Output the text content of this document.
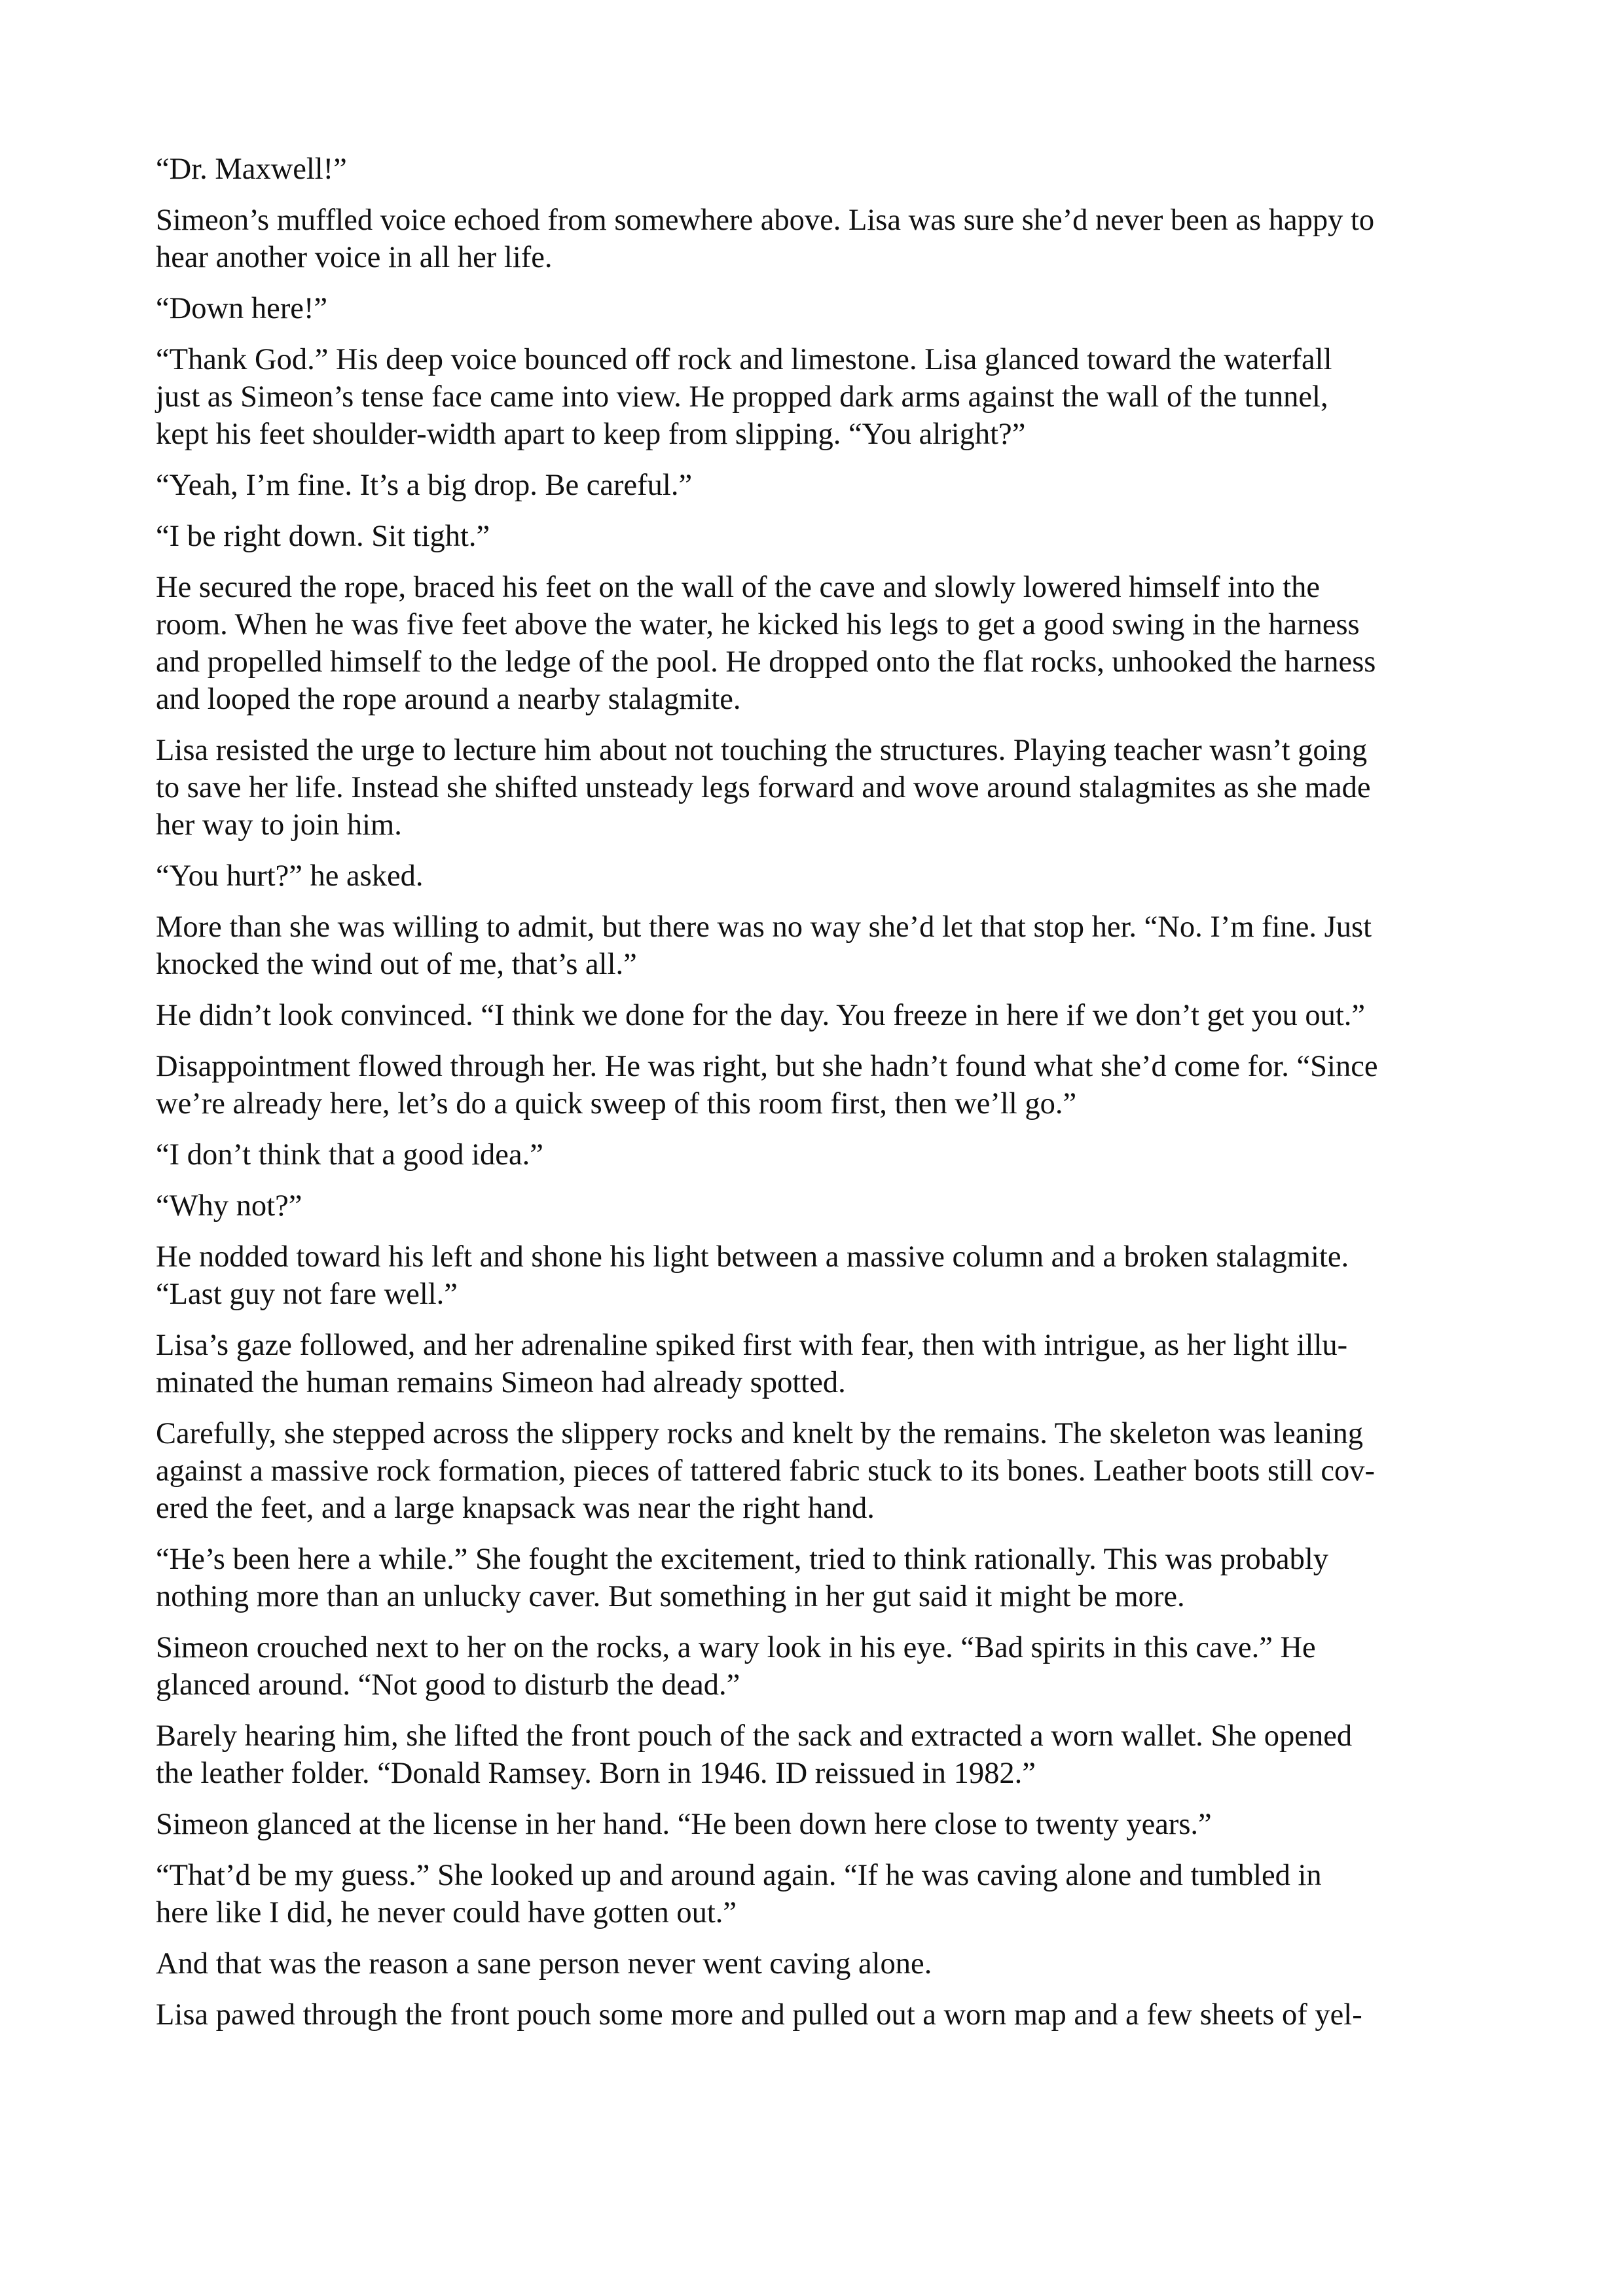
“Dr. Maxwell!”

Simeon’s muffled voice echoed from somewhere above. Lisa was sure she’d never been as happy to
hear another voice in all her life.

“Down here!”

“Thank God.” His deep voice bounced off rock and limestone. Lisa glanced toward the waterfall
just as Simeon’s tense face came into view. He propped dark arms against the wall of the tunnel,
kept his feet shoulder-width apart to keep from slipping. “You alright?”

“Yeah, I’m fine. It’s a big drop. Be careful.”

“I be right down. Sit tight.”

He secured the rope, braced his feet on the wall of the cave and slowly lowered himself into the
room. When he was five feet above the water, he kicked his legs to get a good swing in the harness
and propelled himself to the ledge of the pool. He dropped onto the flat rocks, unhooked the harness
and looped the rope around a nearby stalagmite.

Lisa resisted the urge to lecture him about not touching the structures. Playing teacher wasn’t going
to save her life. Instead she shifted unsteady legs forward and wove around stalagmites as she made
her way to join him.

“You hurt?” he asked.

More than she was willing to admit, but there was no way she’d let that stop her. “No. I’m fine. Just
knocked the wind out of me, that’s all.”

He didn’t look convinced. “I think we done for the day. You freeze in here if we don’t get you out.”

Disappointment flowed through her. He was right, but she hadn’t found what she’d come for. “Since
we’re already here, let’s do a quick sweep of this room first, then we’ll go.”

“I don’t think that a good idea.”

“Why not?”

He nodded toward his left and shone his light between a massive column and a broken stalagmite.
“Last guy not fare well.”

Lisa’s gaze followed, and her adrenaline spiked first with fear, then with intrigue, as her light illu-
minated the human remains Simeon had already spotted.

Carefully, she stepped across the slippery rocks and knelt by the remains. The skeleton was leaning
against a massive rock formation, pieces of tattered fabric stuck to its bones. Leather boots still cov-
ered the feet, and a large knapsack was near the right hand.

“He’s been here a while.” She fought the excitement, tried to think rationally. This was probably
nothing more than an unlucky caver. But something in her gut said it might be more.

Simeon crouched next to her on the rocks, a wary look in his eye. “Bad spirits in this cave.” He
glanced around. “Not good to disturb the dead.”

Barely hearing him, she lifted the front pouch of the sack and extracted a worn wallet. She opened
the leather folder. “Donald Ramsey. Born in 1946. ID reissued in 1982.”

Simeon glanced at the license in her hand. “He been down here close to twenty years.”

“That’d be my guess.” She looked up and around again. “If he was caving alone and tumbled in
here like I did, he never could have gotten out.”

And that was the reason a sane person never went caving alone.

Lisa pawed through the front pouch some more and pulled out a worn map and a few sheets of yel-
